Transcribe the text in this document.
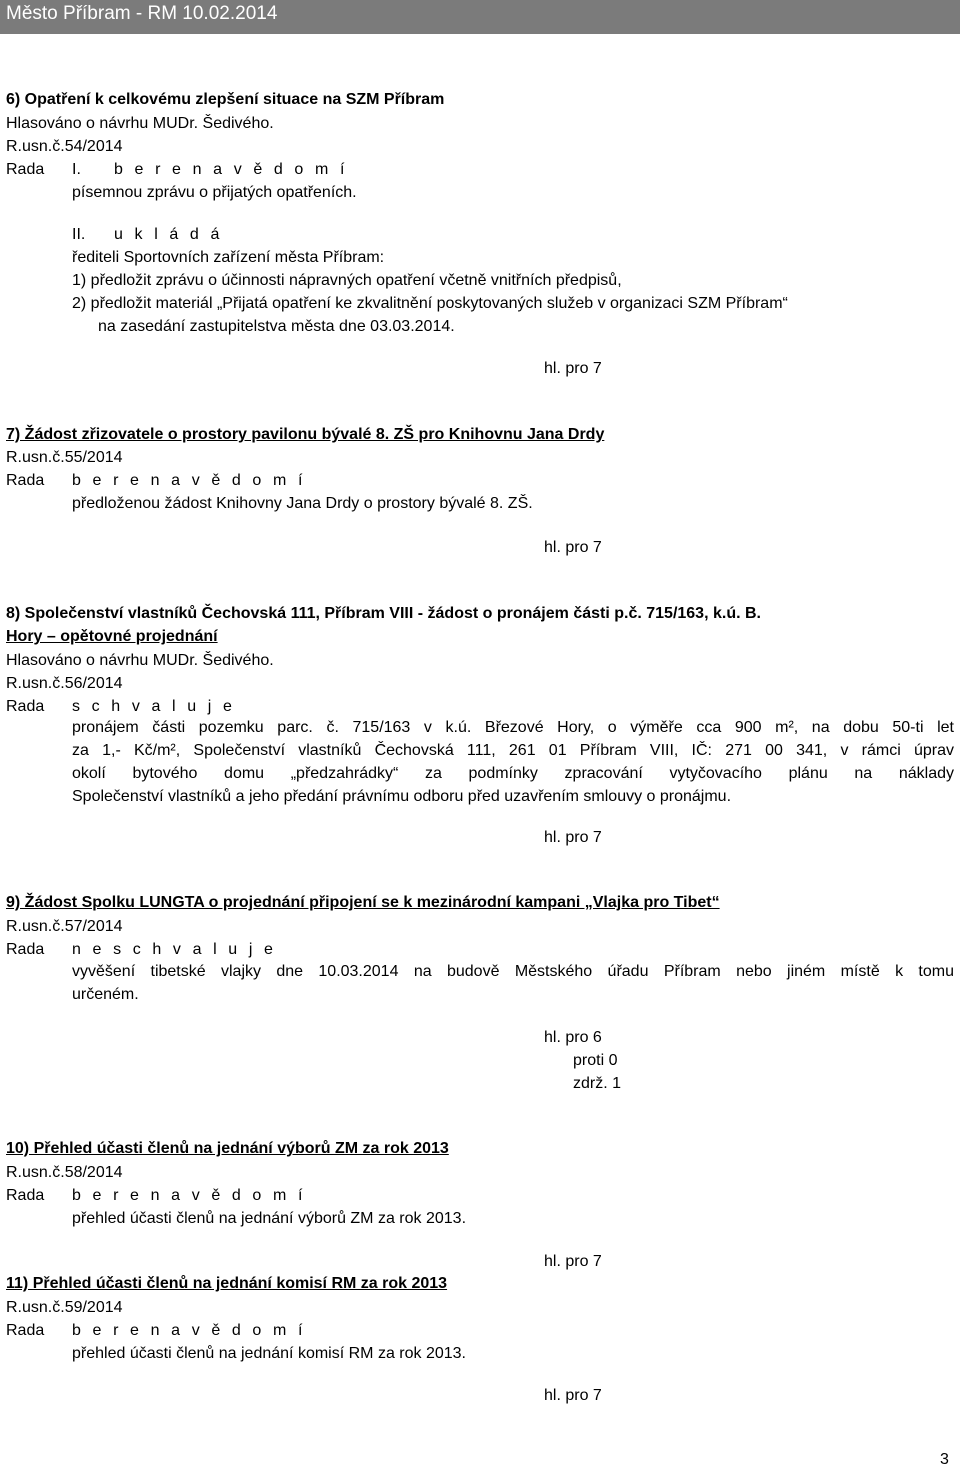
Město Příbram - RM 10.02.2014
6) Opatření k celkovému zlepšení situace na SZM Příbram
Hlasováno o návrhu MUDr. Šedivého.
R.usn.č.54/2014
Rada I. b e r e n a v ě d o m í
písemnou zprávu o přijatých opatřeních.
II. u k l á d á
řediteli Sportovních zařízení města Příbram:
1) předložit zprávu o účinnosti nápravných opatření včetně vnitřních předpisů,
2) předložit materiál „Přijatá opatření ke zkvalitnění poskytovaných služeb v organizaci SZM Příbram“
na zasedání zastupitelstva města dne 03.03.2014.
hl. pro 7
7) Žádost zřizovatele o prostory pavilonu bývalé 8. ZŠ pro Knihovnu Jana Drdy
R.usn.č.55/2014
Rada b e r e n a v ě d o m í
předloženou žádost Knihovny Jana Drdy o prostory bývalé 8. ZŠ.
hl. pro 7
8) Společenství vlastníků Čechovská 111, Příbram VIII - žádost o pronájem části p.č. 715/163, k.ú. B.
Hory – opětovné projednání
Hlasováno o návrhu MUDr. Šedivého.
R.usn.č.56/2014
Rada s c h v a l u j e
pronájem části pozemku parc. č. 715/163 v k.ú. Březové Hory, o výměře cca 900 m², na dobu 50-ti let
za 1,- Kč/m², Společenství vlastníků Čechovská 111, 261 01 Příbram VIII, IČ: 271 00 341, v rámci úprav
okolí bytového domu „předzahrádky“ za podmínky zpracování vytyčovacího plánu na náklady
Společenství vlastníků a jeho předání právnímu odboru před uzavřením smlouvy o pronájmu.
hl. pro 7
9) Žádost Spolku LUNGTA o projednání připojení se k mezinárodní kampani „Vlajka pro Tibet“
R.usn.č.57/2014
Rada n e s c h v a l u j e
vyvěšení tibetské vlajky dne 10.03.2014 na budově Městského úřadu Příbram nebo jiném místě k tomu
určeném.
hl. pro 6
proti 0
zdrž. 1
10) Přehled účasti členů na jednání výborů ZM za rok 2013
R.usn.č.58/2014
Rada b e r e n a v ě d o m í
přehled účasti členů na jednání výborů ZM za rok 2013.
hl. pro 7
11) Přehled účasti členů na jednání komisí RM za rok 2013
R.usn.č.59/2014
Rada b e r e n a v ě d o m í
přehled účasti členů na jednání komisí RM za rok 2013.
hl. pro 7
3
